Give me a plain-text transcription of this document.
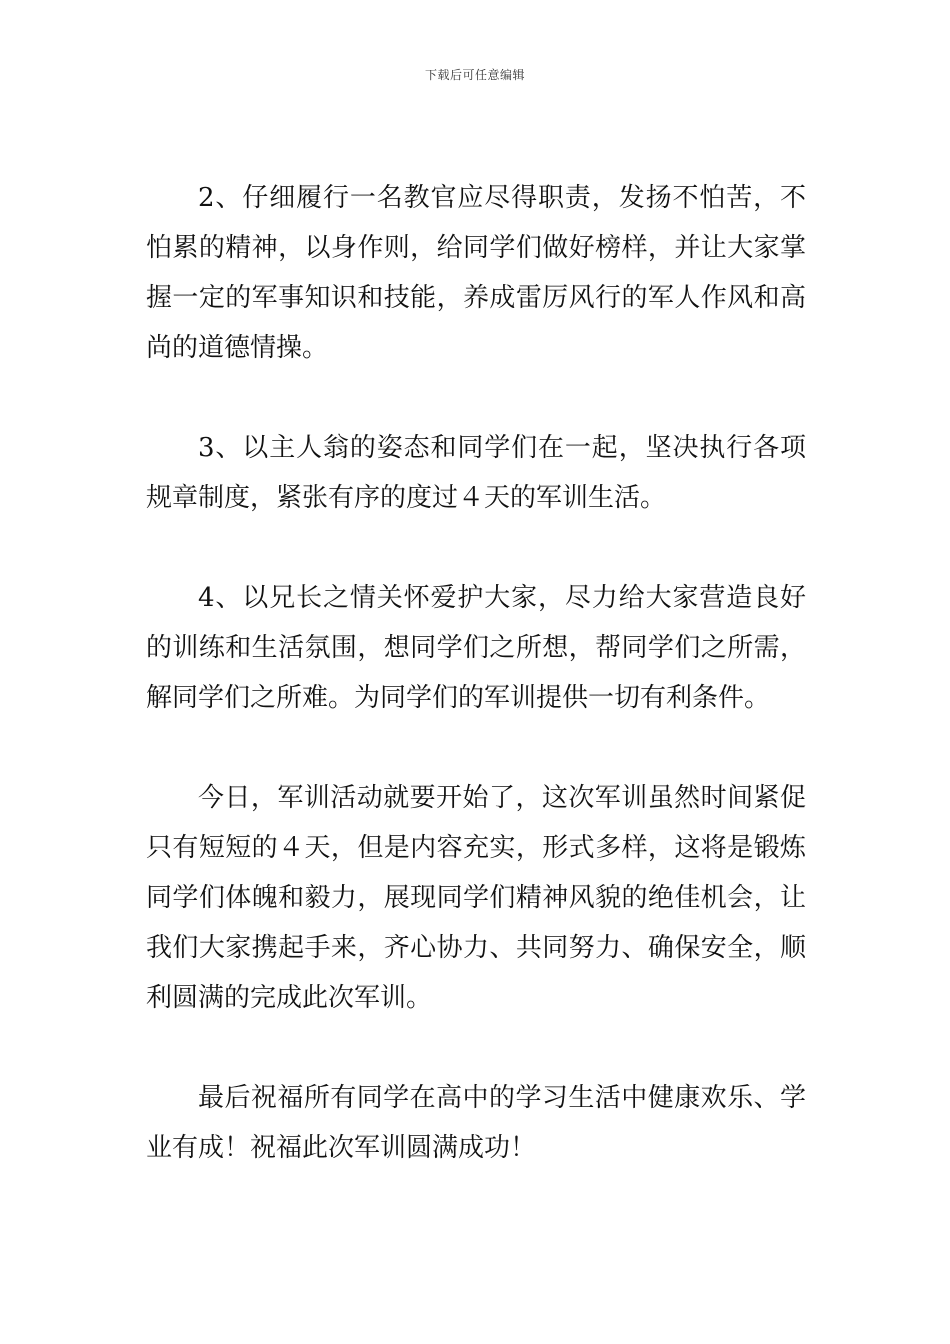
下载后可任意编辑

2、仔细履行一名教官应尽得职责，发扬不怕苦，不怕累的精神，以身作则，给同学们做好榜样，并让大家掌握一定的军事知识和技能，养成雷厉风行的军人作风和高尚的道德情操。

3、以主人翁的姿态和同学们在一起，坚决执行各项规章制度，紧张有序的度过４天的军训生活。

4、以兄长之情关怀爱护大家，尽力给大家营造良好的训练和生活氛围，想同学们之所想，帮同学们之所需，解同学们之所难。为同学们的军训提供一切有利条件。

今日，军训活动就要开始了，这次军训虽然时间紧促只有短短的４天，但是内容充实，形式多样，这将是锻炼同学们体魄和毅力，展现同学们精神风貌的绝佳机会，让我们大家携起手来，齐心协力、共同努力、确保安全，顺利圆满的完成此次军训。

最后祝福所有同学在高中的学习生活中健康欢乐、学业有成！祝福此次军训圆满成功！
